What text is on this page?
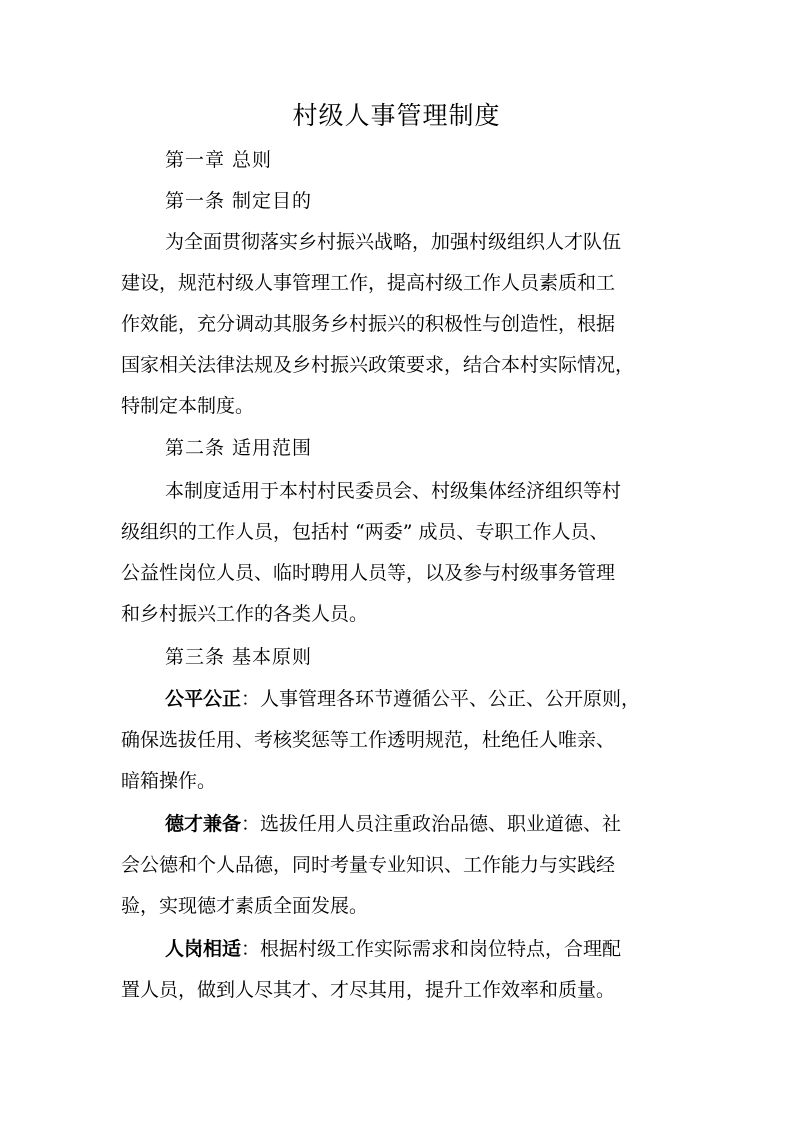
村级人事管理制度
第一章 总则
第一条 制定目的
为全面贯彻落实乡村振兴战略，加强村级组织人才队伍
建设，规范村级人事管理工作，提高村级工作人员素质和工
作效能，充分调动其服务乡村振兴的积极性与创造性，根据
国家相关法律法规及乡村振兴政策要求，结合本村实际情况，
特制定本制度。
第二条 适用范围
本制度适用于本村村民委员会、村级集体经济组织等村
级组织的工作人员，包括村 “两委” 成员、专职工作人员、
公益性岗位人员、临时聘用人员等，以及参与村级事务管理
和乡村振兴工作的各类人员。
第三条 基本原则
公平公正：人事管理各环节遵循公平、公正、公开原则，
确保选拔任用、考核奖惩等工作透明规范，杜绝任人唯亲、
暗箱操作。
德才兼备：选拔任用人员注重政治品德、职业道德、社
会公德和个人品德，同时考量专业知识、工作能力与实践经
验，实现德才素质全面发展。
人岗相适：根据村级工作实际需求和岗位特点，合理配
置人员，做到人尽其才、才尽其用，提升工作效率和质量。
